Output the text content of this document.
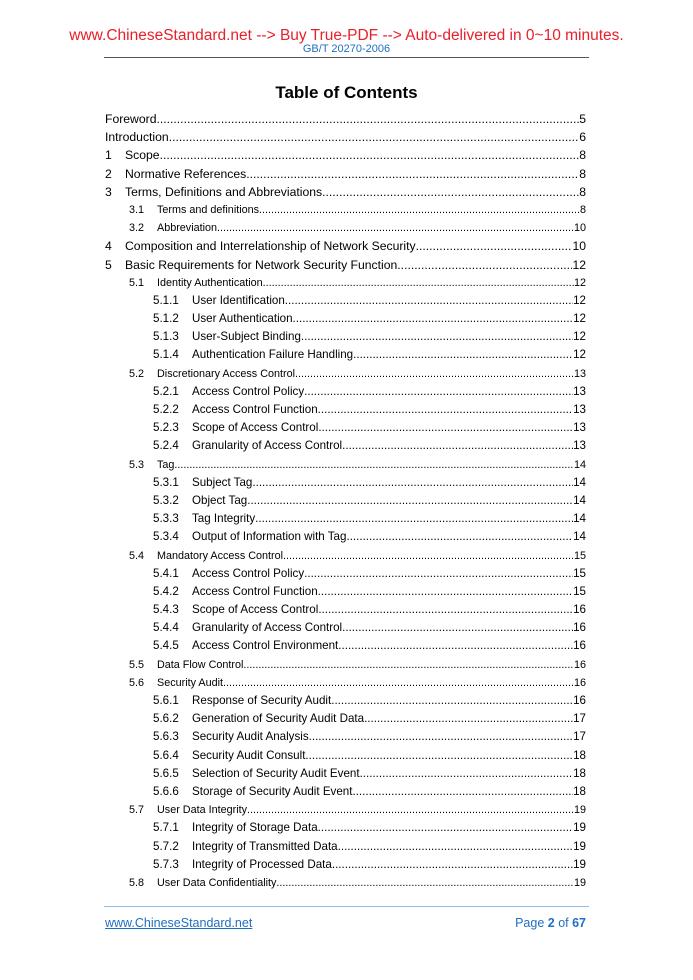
www.ChineseStandard.net --> Buy True-PDF --> Auto-delivered in 0~10 minutes.
GB/T 20270-2006
Table of Contents
Foreword .....	5
Introduction .....	6
1	Scope .....	8
2	Normative References .....	8
3	Terms, Definitions and Abbreviations .....	8
3.1	Terms and definitions .....	8
3.2	Abbreviation .....	10
4	Composition and Interrelationship of Network Security .....	10
5	Basic Requirements for Network Security Function .....	12
5.1	Identity Authentication .....	12
5.1.1	User Identification .....	12
5.1.2	User Authentication .....	12
5.1.3	User-Subject Binding .....	12
5.1.4	Authentication Failure Handling .....	12
5.2	Discretionary Access Control .....	13
5.2.1	Access Control Policy .....	13
5.2.2	Access Control Function .....	13
5.2.3	Scope of Access Control .....	13
5.2.4	Granularity of Access Control .....	13
5.3	Tag .....	14
5.3.1	Subject Tag .....	14
5.3.2	Object Tag .....	14
5.3.3	Tag Integrity .....	14
5.3.4	Output of Information with Tag .....	14
5.4	Mandatory Access Control .....	15
5.4.1	Access Control Policy .....	15
5.4.2	Access Control Function .....	15
5.4.3	Scope of Access Control .....	16
5.4.4	Granularity of Access Control .....	16
5.4.5	Access Control Environment .....	16
5.5	Data Flow Control .....	16
5.6	Security Audit .....	16
5.6.1	Response of Security Audit .....	16
5.6.2	Generation of Security Audit Data .....	17
5.6.3	Security Audit Analysis .....	17
5.6.4	Security Audit Consult .....	18
5.6.5	Selection of Security Audit Event .....	18
5.6.6	Storage of Security Audit Event .....	18
5.7	User Data Integrity .....	19
5.7.1	Integrity of Storage Data .....	19
5.7.2	Integrity of Transmitted Data .....	19
5.7.3	Integrity of Processed Data .....	19
5.8	User Data Confidentiality .....	19
www.ChineseStandard.net	Page 2 of 67
